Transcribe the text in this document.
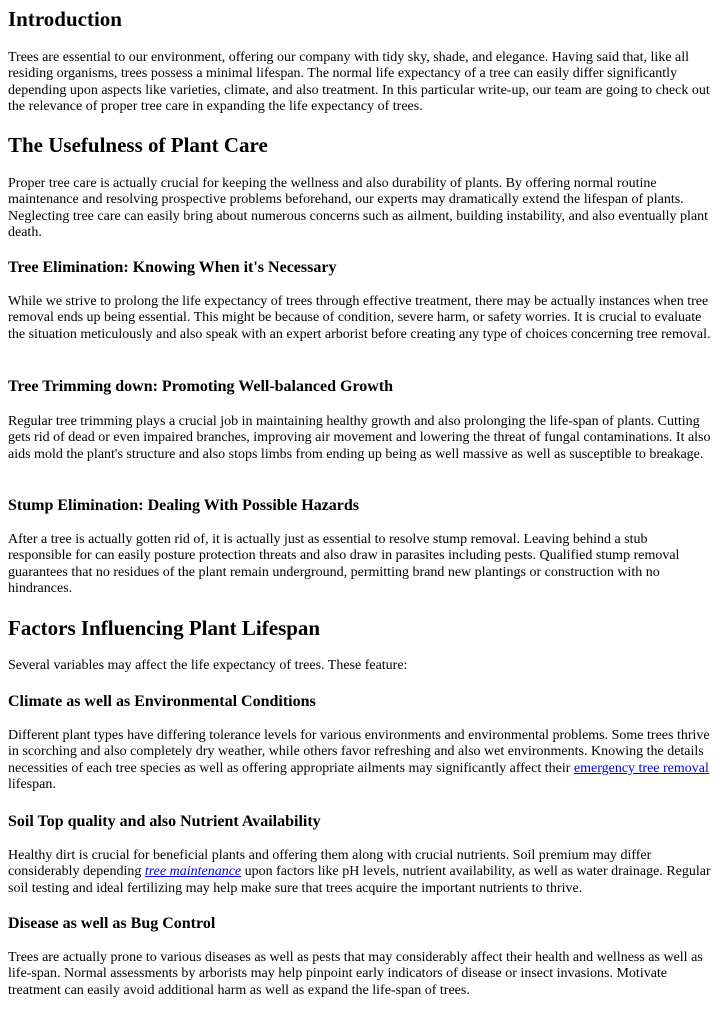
Introduction

Trees are essential to our environment, offering our company with tidy sky, shade, and elegance. Having said that, like all residing organisms, trees possess a minimal lifespan. The normal life expectancy of a tree can easily differ significantly depending upon aspects like varieties, climate, and also treatment. In this particular write-up, our team are going to check out the relevance of proper tree care in expanding the life expectancy of trees.

The Usefulness of Plant Care

Proper tree care is actually crucial for keeping the wellness and also durability of plants. By offering normal routine maintenance and resolving prospective problems beforehand, our experts may dramatically extend the lifespan of plants. Neglecting tree care can easily bring about numerous concerns such as ailment, building instability, and also eventually plant death.

Tree Elimination: Knowing When it's Necessary

While we strive to prolong the life expectancy of trees through effective treatment, there may be actually instances when tree removal ends up being essential. This might be because of condition, severe harm, or safety worries. It is crucial to evaluate the situation meticulously and also speak with an expert arborist before creating any type of choices concerning tree removal.

Tree Trimming down: Promoting Well-balanced Growth

Regular tree trimming plays a crucial job in maintaining healthy growth and also prolonging the life-span of plants. Cutting gets rid of dead or even impaired branches, improving air movement and lowering the threat of fungal contaminations. It also aids mold the plant's structure and also stops limbs from ending up being as well massive as well as susceptible to breakage.

Stump Elimination: Dealing With Possible Hazards

After a tree is actually gotten rid of, it is actually just as essential to resolve stump removal. Leaving behind a stub responsible for can easily posture protection threats and also draw in parasites including pests. Qualified stump removal guarantees that no residues of the plant remain underground, permitting brand new plantings or construction with no hindrances.

Factors Influencing Plant Lifespan

Several variables may affect the life expectancy of trees. These feature:

Climate as well as Environmental Conditions

Different plant types have differing tolerance levels for various environments and environmental problems. Some trees thrive in scorching and also completely dry weather, while others favor refreshing and also wet environments. Knowing the details necessities of each tree species as well as offering appropriate ailments may significantly affect their emergency tree removal lifespan.

Soil Top quality and also Nutrient Availability

Healthy dirt is crucial for beneficial plants and offering them along with crucial nutrients. Soil premium may differ considerably depending tree maintenance upon factors like pH levels, nutrient availability, as well as water drainage. Regular soil testing and ideal fertilizing may help make sure that trees acquire the important nutrients to thrive.

Disease as well as Bug Control

Trees are actually prone to various diseases as well as pests that may considerably affect their health and wellness as well as life-span. Normal assessments by arborists may help pinpoint early indicators of disease or insect invasions. Motivate treatment can easily avoid additional harm as well as expand the life-span of trees.
